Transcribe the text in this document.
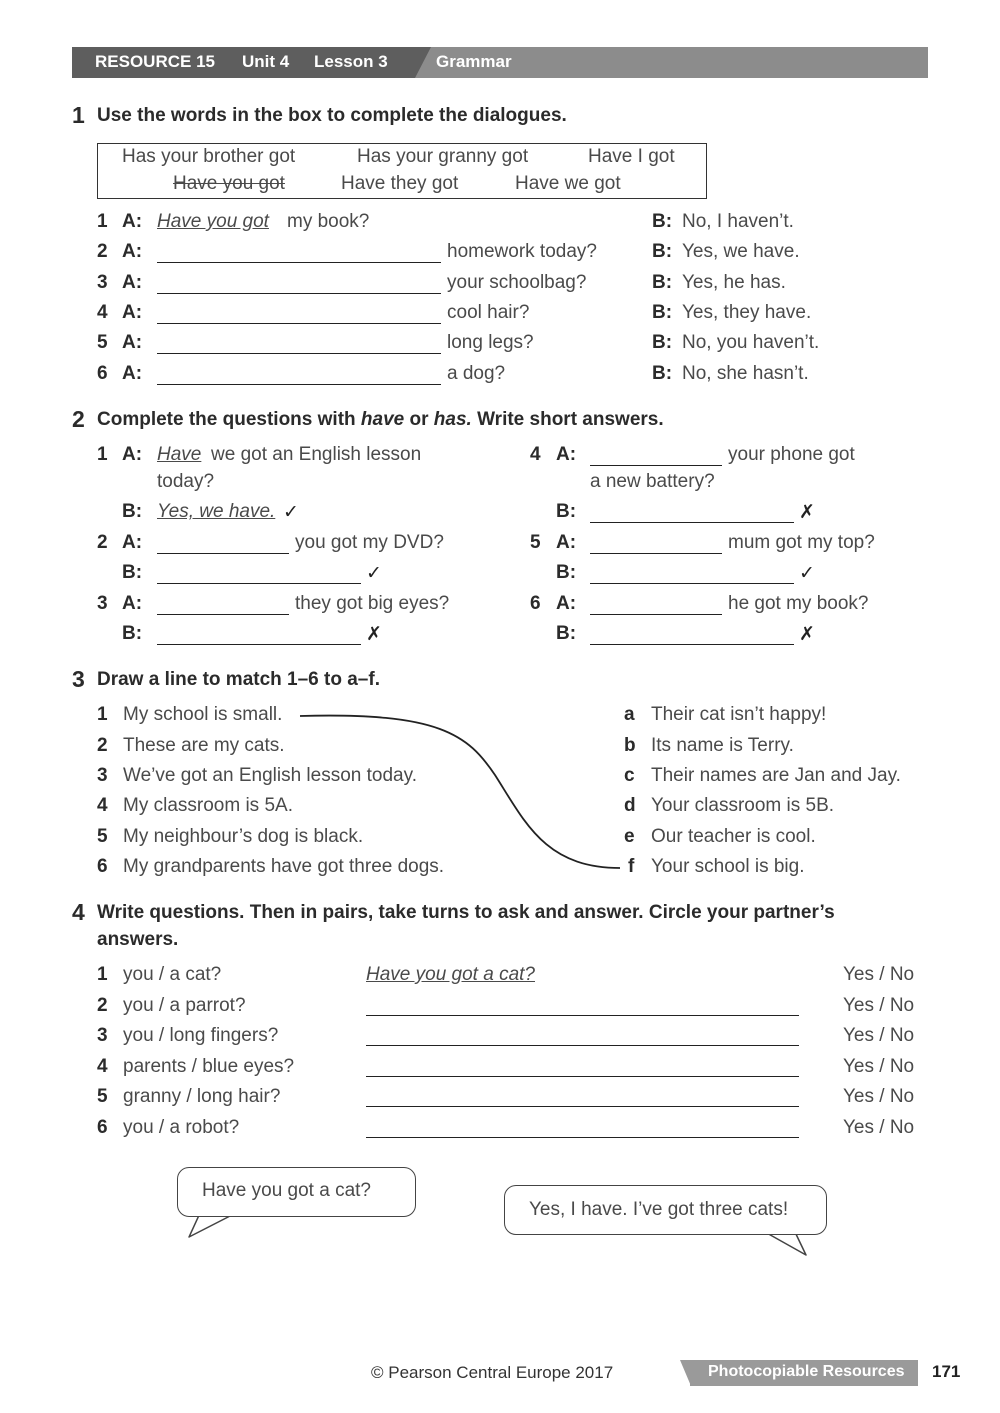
RESOURCE 15 Unit 4 Lesson 3	Grammar
1 Use the words in the box to complete the dialogues.
Has your brother got	Has your granny got	Have I got
Have you got	Have they got	Have we got
1 A: Have you got my book?	B: No, I haven’t.
2 A:	homework today?	B: Yes, we have.
3 A:	your schoolbag?	B: Yes, he has.
4 A:	cool hair?	B: Yes, they have.
5 A:	long legs?	B: No, you haven’t.
6 A:	a dog?	B: No, she hasn’t.
2 Complete the questions with have or has. Write short answers.
1 A: Have we got an English lesson
today?
B: Yes, we have. ✓
2 A:	you got my DVD?
B:	✓
3 A:	they got big eyes?
B:	✗
4 A:	your phone got
a new battery?
B:	✗
5 A:	mum got my top?
B:	✓
6 A:	he got my book?
B:	✗
3 Draw a line to match 1–6 to a–f.
1 My school is small.
2 These are my cats.
3 We’ve got an English lesson today.
4 My classroom is 5A.
5 My neighbour’s dog is black.
6 My grandparents have got three dogs.
a Their cat isn’t happy!
b Its name is Terry.
c Their names are Jan and Jay.
d Your classroom is 5B.
e Our teacher is cool.
f Your school is big.
4 Write questions. Then in pairs, take turns to ask and answer. Circle your partner’s
answers.
1 you / a cat?	Have you got a cat?	Yes / No
2 you / a parrot?	Yes / No
3 you / long fingers?	Yes / No
4 parents / blue eyes?	Yes / No
5 granny / long hair?	Yes / No
6 you / a robot?	Yes / No
Have you got a cat?
Yes, I have. I’ve got three cats!
© Pearson Central Europe 2017	Photocopiable Resources 171
